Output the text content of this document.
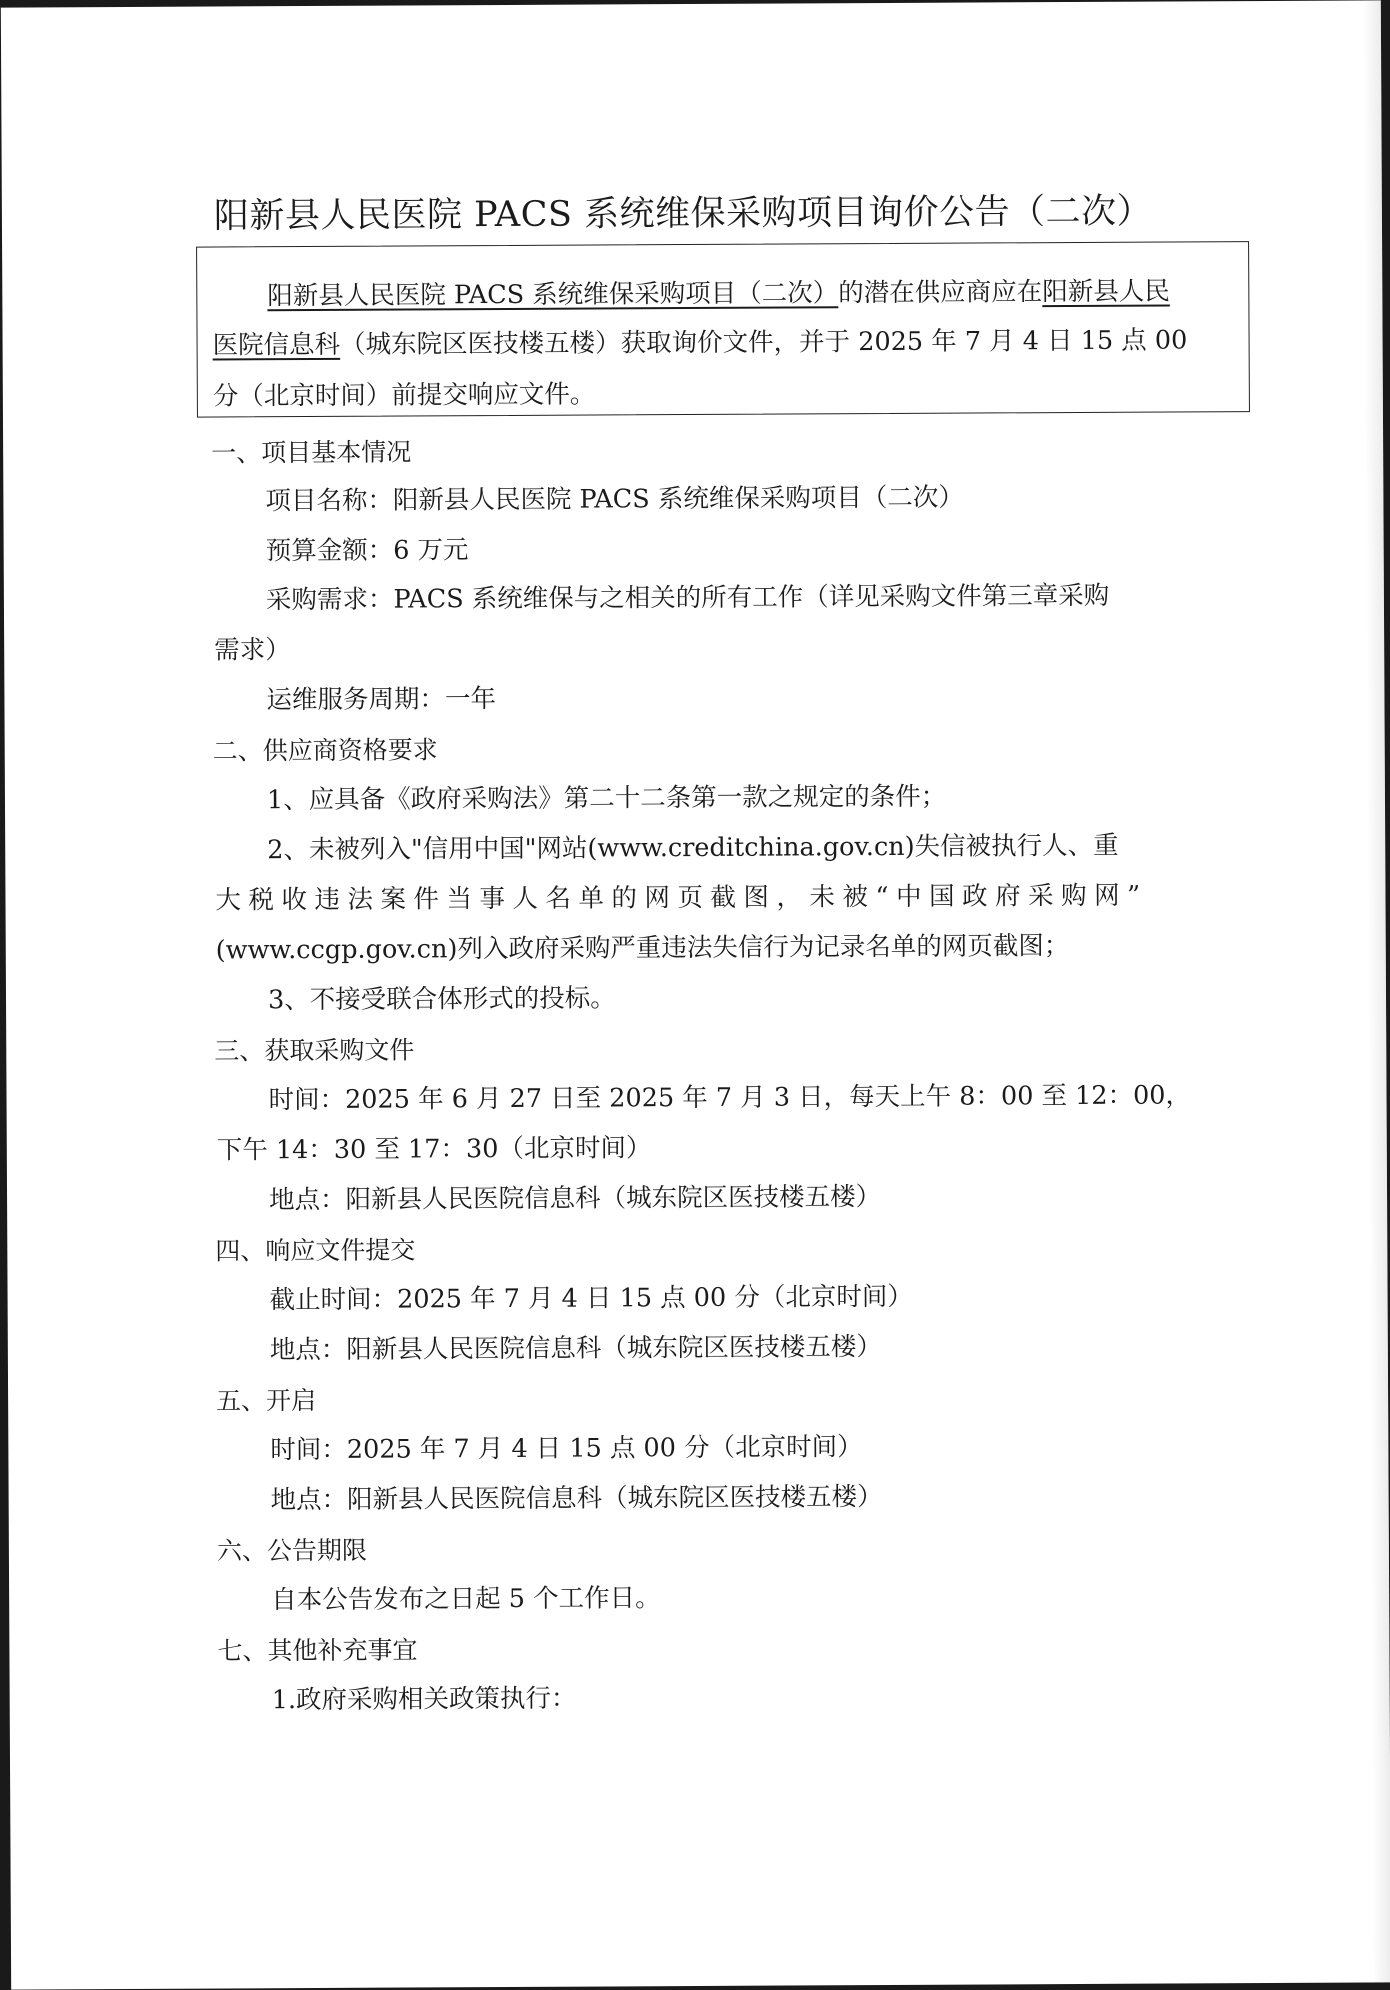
阳新县人民医院 PACS 系统维保采购项目询价公告（二次）
阳新县人民医院 PACS 系统维保采购项目（二次）的潜在供应商应在阳新县人民
医院信息科（城东院区医技楼五楼）获取询价文件，并于 2025 年 7 月 4 日 15 点 00
分（北京时间）前提交响应文件。
一、项目基本情况
项目名称：阳新县人民医院 PACS 系统维保采购项目（二次）
预算金额：6 万元
采购需求：PACS 系统维保与之相关的所有工作（详见采购文件第三章采购
需求）
运维服务周期：一年
二、供应商资格要求
1、应具备《政府采购法》第二十二条第一款之规定的条件；
2、未被列入"信用中国"网站(www.creditchina.gov.cn)失信被执行人、重
大税收违法案件当事人名单的网页截图，未被“中国政府采购网”
(www.ccgp.gov.cn)列入政府采购严重违法失信行为记录名单的网页截图；
3、不接受联合体形式的投标。
三、获取采购文件
时间：2025 年 6 月 27 日至 2025 年 7 月 3 日，每天上午 8：00 至 12：00，
下午 14：30 至 17：30（北京时间）
地点：阳新县人民医院信息科（城东院区医技楼五楼）
四、响应文件提交
截止时间：2025 年 7 月 4 日 15 点 00 分（北京时间）
地点：阳新县人民医院信息科（城东院区医技楼五楼）
五、开启
时间：2025 年 7 月 4 日 15 点 00 分（北京时间）
地点：阳新县人民医院信息科（城东院区医技楼五楼）
六、公告期限
自本公告发布之日起 5 个工作日。
七、其他补充事宜
1.政府采购相关政策执行：
